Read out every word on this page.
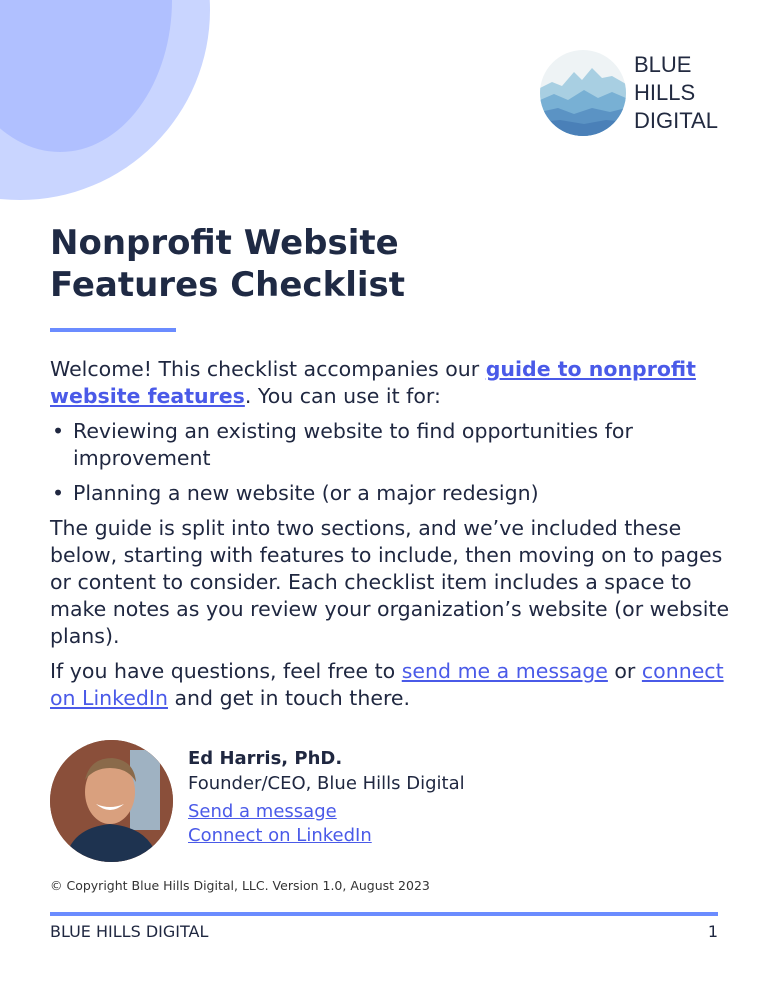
BLUE
HILLS
DIGITAL
Nonprofit Website
Features Checklist

Welcome! This checklist accompanies our guide to nonprofit website features. You can use it for:

• Reviewing an existing website to find opportunities for improvement
• Planning a new website (or a major redesign)

The guide is split into two sections, and we’ve included these below, starting with features to include, then moving on to pages or content to consider. Each checklist item includes a space to make notes as you review your organization’s website (or website plans).

If you have questions, feel free to send me a message or connect on LinkedIn and get in touch there.

Ed Harris, PhD.
Founder/CEO, Blue Hills Digital
Send a message
Connect on LinkedIn
© Copyright Blue Hills Digital, LLC. Version 1.0, August 2023
BLUE HILLS DIGITAL	1
